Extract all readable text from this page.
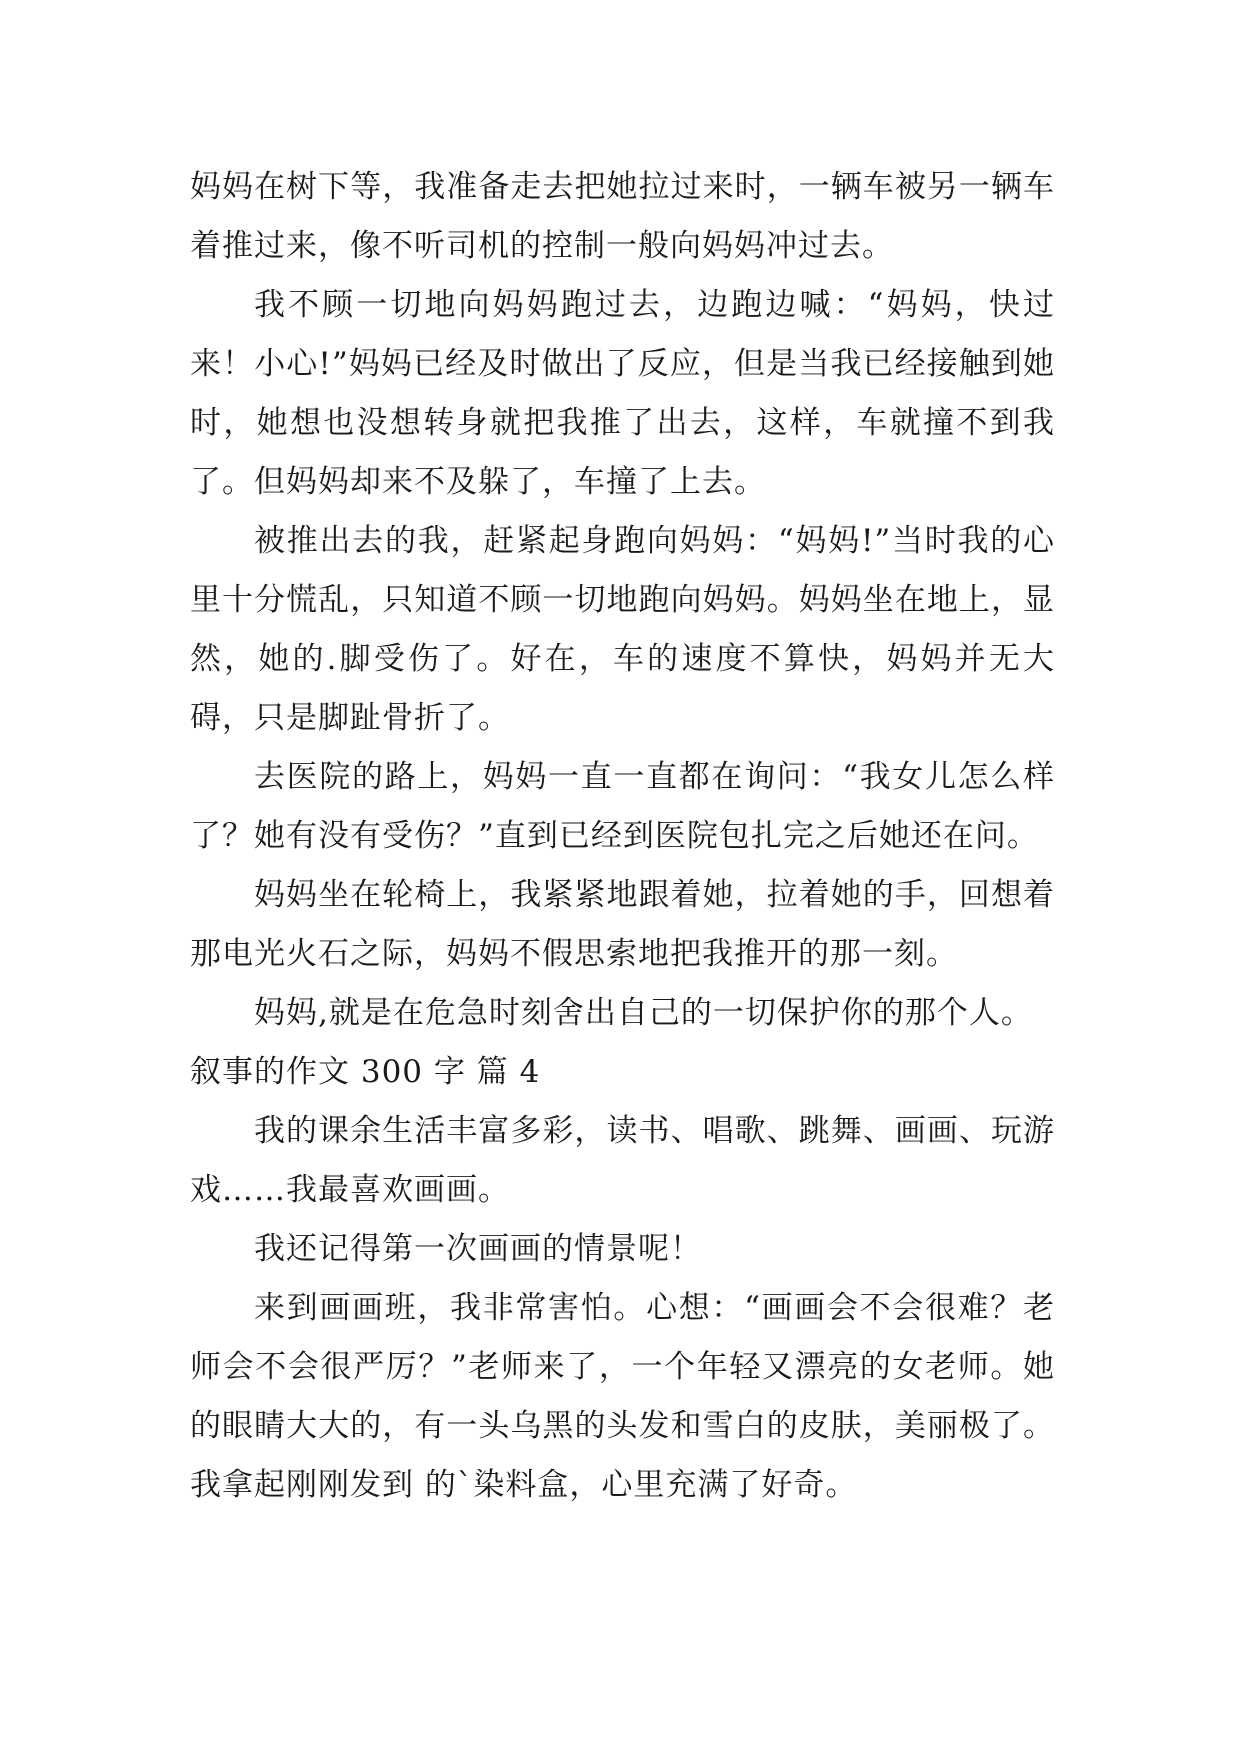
妈妈在树下等，我准备走去把她拉过来时，一辆车被另一辆车着推过来，像不听司机的控制一般向妈妈冲过去。

我不顾一切地向妈妈跑过去，边跑边喊：“妈妈，快过来！小心!”妈妈已经及时做出了反应，但是当我已经接触到她时，她想也没想转身就把我推了出去，这样，车就撞不到我了。但妈妈却来不及躲了，车撞了上去。

被推出去的我，赶紧起身跑向妈妈：“妈妈!”当时我的心里十分慌乱，只知道不顾一切地跑向妈妈。妈妈坐在地上，显然，她的.脚受伤了。好在，车的速度不算快，妈妈并无大碍，只是脚趾骨折了。

去医院的路上，妈妈一直一直都在询问：“我女儿怎么样了？她有没有受伤？”直到已经到医院包扎完之后她还在问。

妈妈坐在轮椅上，我紧紧地跟着她，拉着她的手，回想着那电光火石之际，妈妈不假思索地把我推开的那一刻。

妈妈,就是在危急时刻舍出自己的一切保护你的那个人。

叙事的作文 300 字 篇 4

我的课余生活丰富多彩，读书、唱歌、跳舞、画画、玩游戏……我最喜欢画画。

我还记得第一次画画的情景呢！

来到画画班，我非常害怕。心想：“画画会不会很难？老师会不会很严厉？”老师来了，一个年轻又漂亮的女老师。她的眼睛大大的，有一头乌黑的头发和雪白的皮肤，美丽极了。我拿起刚刚发到 的`染料盒，心里充满了好奇。
